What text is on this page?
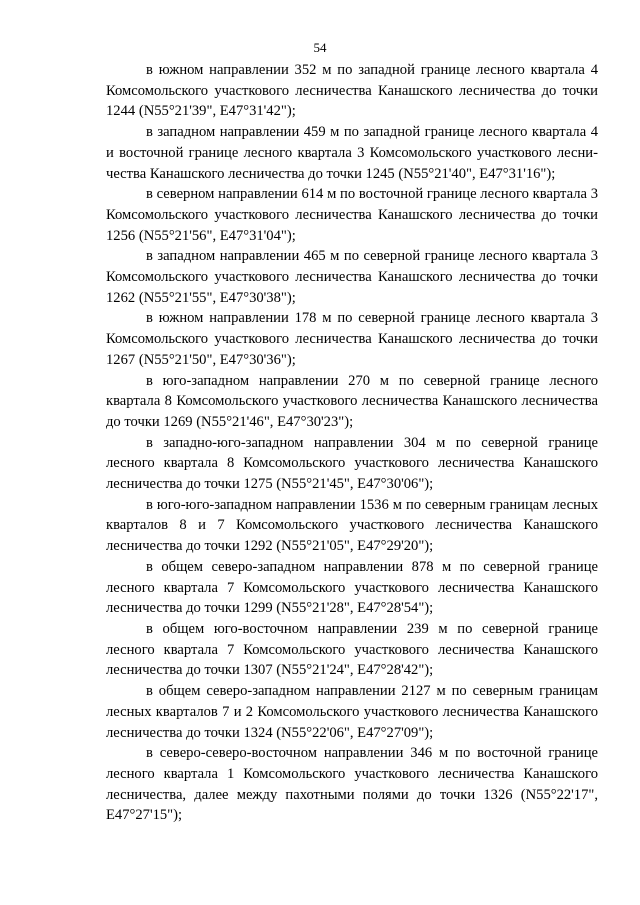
54

в южном направлении 352 м по западной границе лесного квартала 4 Комсомольского участкового лесничества Канашского лесничества до точки 1244 (N55°21'39", E47°31'42");

в западном направлении 459 м по западной границе лесного квартала 4 и восточной границе лесного квартала 3 Комсомольского участкового лесничества Канашского лесничества до точки 1245 (N55°21'40", E47°31'16");

в северном направлении 614 м по восточной границе лесного квартала 3 Комсомольского участкового лесничества Канашского лесничества до точки 1256 (N55°21'56", E47°31'04");

в западном направлении 465 м по северной границе лесного квартала 3 Комсомольского участкового лесничества Канашского лесничества до точки 1262 (N55°21'55", E47°30'38");

в южном направлении 178 м по северной границе лесного квартала 3 Комсомольского участкового лесничества Канашского лесничества до точки 1267 (N55°21'50", E47°30'36");

в юго-западном направлении 270 м по северной границе лесного квартала 8 Комсомольского участкового лесничества Канашского лесничества до точки 1269 (N55°21'46", E47°30'23");

в западно-юго-западном направлении 304 м по северной границе лесного квартала 8 Комсомольского участкового лесничества Канашского лесничества до точки 1275 (N55°21'45", E47°30'06");

в юго-юго-западном направлении 1536 м по северным границам лесных кварталов 8 и 7 Комсомольского участкового лесничества Канашского лесничества до точки 1292 (N55°21'05", E47°29'20");

в общем северо-западном направлении 878 м по северной границе лесного квартала 7 Комсомольского участкового лесничества Канашского лесничества до точки 1299 (N55°21'28", E47°28'54");

в общем юго-восточном направлении 239 м по северной границе лесного квартала 7 Комсомольского участкового лесничества Канашского лесничества до точки 1307 (N55°21'24", E47°28'42");

в общем северо-западном направлении 2127 м по северным границам лесных кварталов 7 и 2 Комсомольского участкового лесничества Канашского лесничества до точки 1324 (N55°22'06", E47°27'09");

в северо-северо-восточном направлении 346 м по восточной границе лесного квартала 1 Комсомольского участкового лесничества Канашского лесничества, далее между пахотными полями до точки 1326 (N55°22'17", E47°27'15");
